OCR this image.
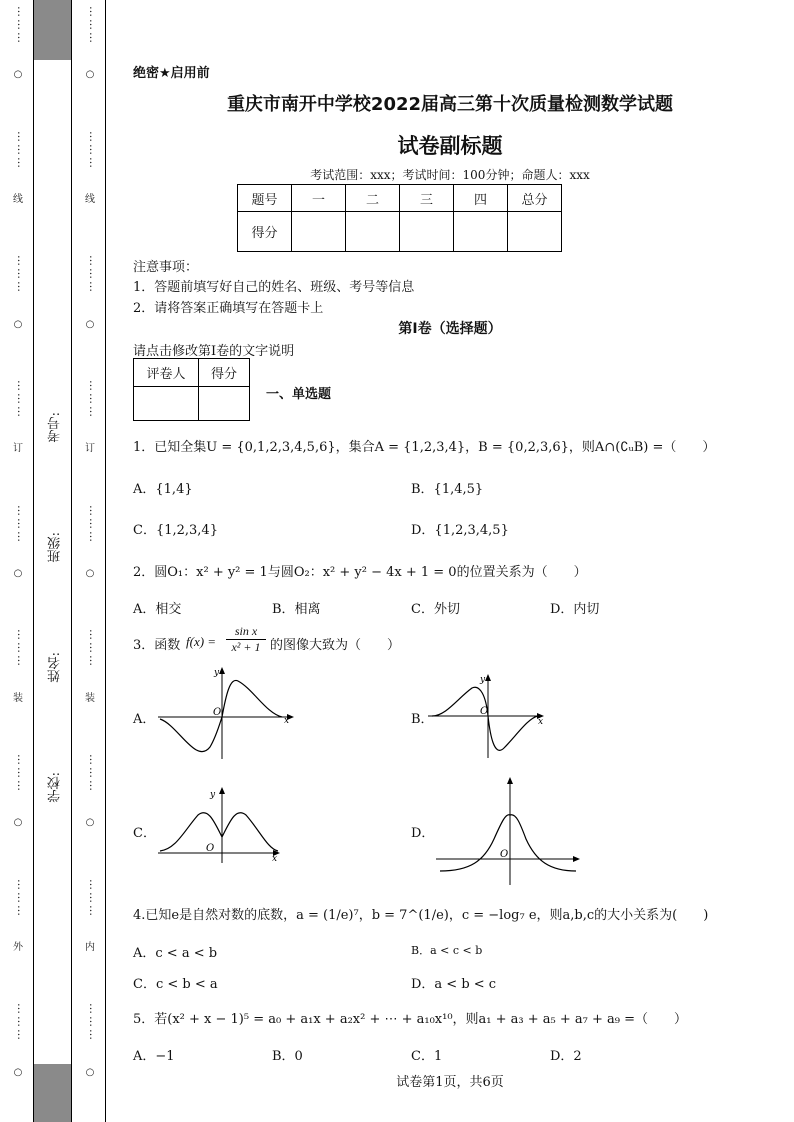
………
○
………
线
………
○
………
订
………
○
………
装
………
○
………
外
………
○
………
○
………
线
………
○
………
订
………
○
………
装
………
○
………
内
………
○
考号:
班级:
姓名:
学校:
绝密★启用前
重庆市南开中学校2022届高三第十次质量检测数学试题
试卷副标题
考试范围：xxx；考试时间：100分钟；命题人：xxx
题号	一	二	三	四	总分
得分					
注意事项：
1．答题前填写好自己的姓名、班级、考号等信息
2．请将答案正确填写在答题卡上
第I卷（选择题）
请点击修改第I卷的文字说明
评卷人	得分

一、单选题
1．已知全集U = {0,1,2,3,4,5,6}，集合A = {1,2,3,4}，B = {0,2,3,6}，则A∩(∁ᵤB) =（　　）
A．{1,4}	B．{1,4,5}
C．{1,2,3,4}	D．{1,2,3,4,5}
2．圆O₁：x² + y² = 1与圆O₂：x² + y² − 4x + 1 = 0的位置关系为（　　）
A．相交	B．相离	C．外切	D．内切
3．函数 $f(x) = \frac{\text{sin x}}{\text{x² + 1}}$ 的图像大致为（　　）
A．	B．
C．	D．
x
y
O
x
y
O
x
y
O
O
4.已知e是自然对数的底数，a = (1/e)⁷，b = 7^(1/e)，c = −log₇ e，则a,b,c的大小关系为(　　)
A．c < a < b	B．a < c < b
C．c < b < a	D．a < b < c
5．若(x² + x − 1)⁵ = a₀ + a₁x + a₂x² + ⋯ + a₁₀x¹⁰，则a₁ + a₃ + a₅ + a₇ + a₉ =（　　）
A．−1	B．0	C．1	D．2
试卷第1页，共6页
